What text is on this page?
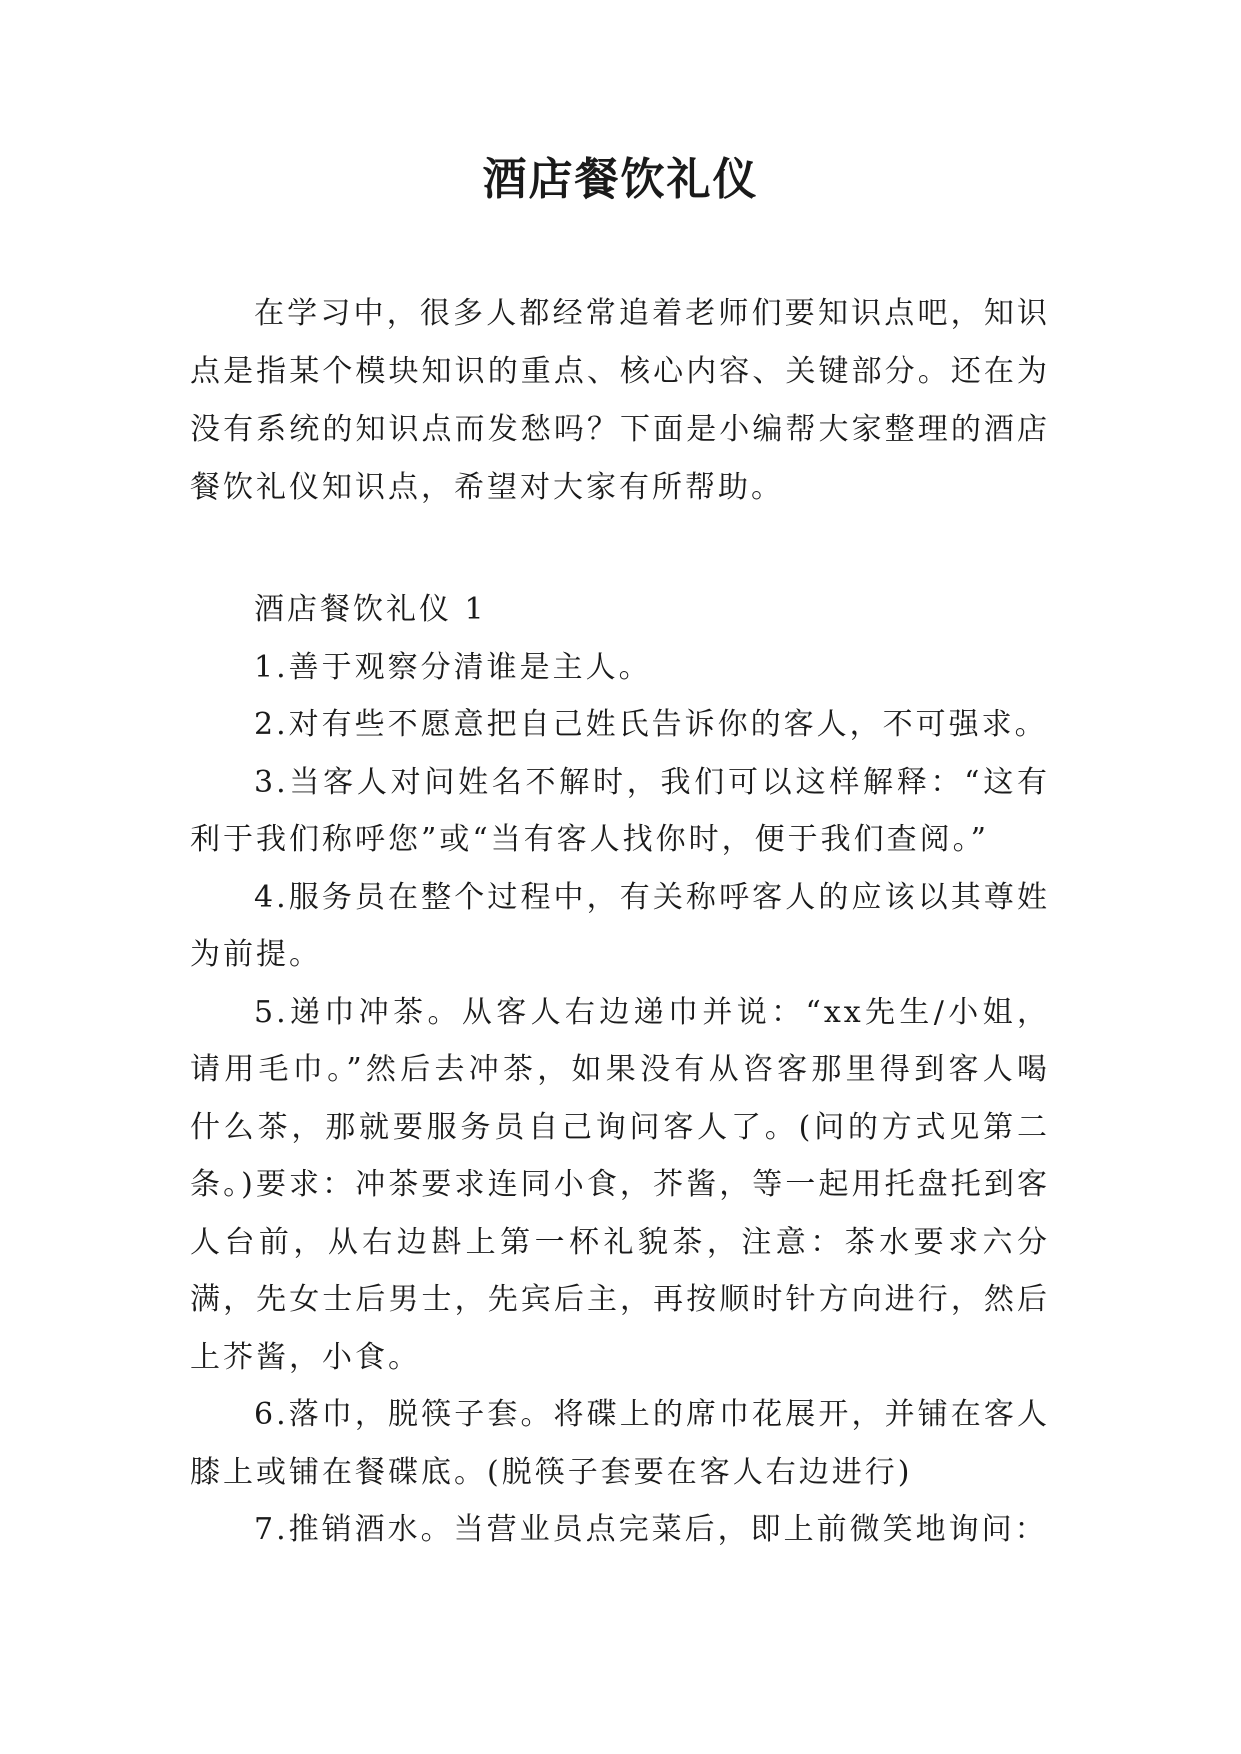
酒店餐饮礼仪

在学习中，很多人都经常追着老师们要知识点吧，知识点是指某个模块知识的重点、核心内容、关键部分。还在为没有系统的知识点而发愁吗？下面是小编帮大家整理的酒店餐饮礼仪知识点，希望对大家有所帮助。

酒店餐饮礼仪 1

1.善于观察分清谁是主人。

2.对有些不愿意把自己姓氏告诉你的客人，不可强求。

3.当客人对问姓名不解时，我们可以这样解释：“这有利于我们称呼您”或“当有客人找你时，便于我们查阅。”

4.服务员在整个过程中，有关称呼客人的应该以其尊姓为前提。

5.递巾冲茶。从客人右边递巾并说：“xx先生/小姐，请用毛巾。”然后去冲茶，如果没有从咨客那里得到客人喝什么茶，那就要服务员自己询问客人了。(问的方式见第二条。)要求：冲茶要求连同小食，芥酱，等一起用托盘托到客人台前，从右边斟上第一杯礼貌茶，注意：茶水要求六分满，先女士后男士，先宾后主，再按顺时针方向进行，然后上芥酱，小食。

6.落巾，脱筷子套。将碟上的席巾花展开，并铺在客人膝上或铺在餐碟底。(脱筷子套要在客人右边进行)

7.推销酒水。当营业员点完菜后，即上前微笑地询问：
